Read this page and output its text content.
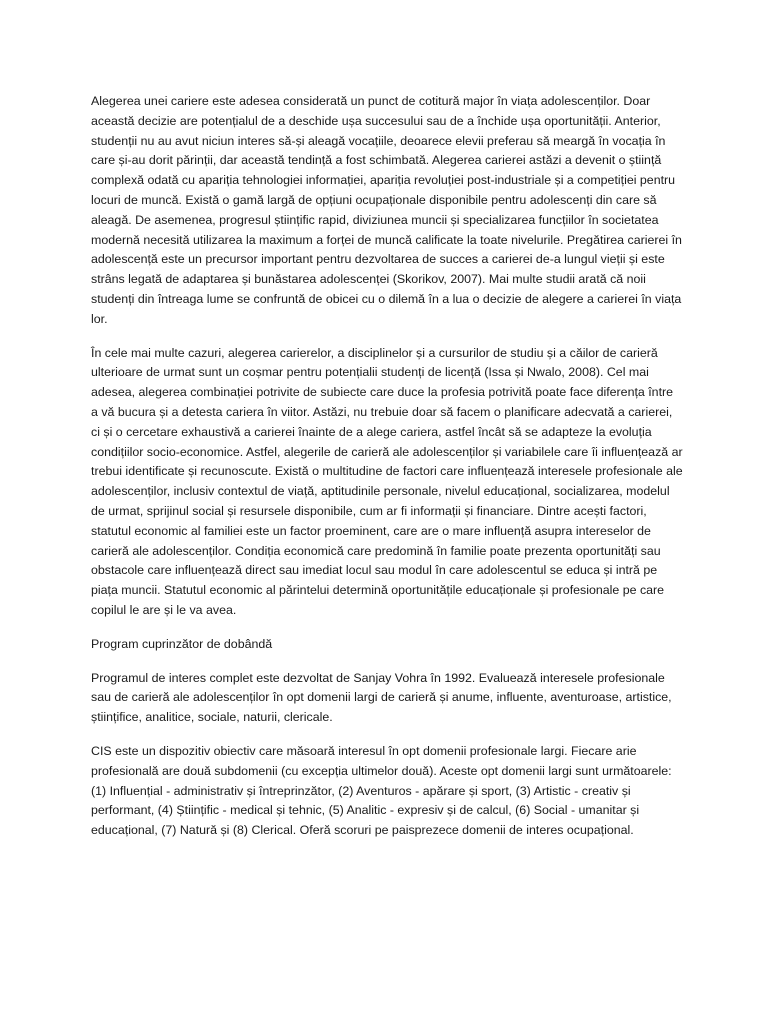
Alegerea unei cariere este adesea considerată un punct de cotitură major în viața adolescenților. Doar această decizie are potențialul de a deschide ușa succesului sau de a închide ușa oportunității. Anterior, studenții nu au avut niciun interes să-și aleagă vocațiile, deoarece elevii preferau să meargă în vocația în care și-au dorit părinții, dar această tendință a fost schimbată. Alegerea carierei astăzi a devenit o știință complexă odată cu apariția tehnologiei informației, apariția revoluției post-industriale și a competiției pentru locuri de muncă. Există o gamă largă de opțiuni ocupaționale disponibile pentru adolescenți din care să aleagă. De asemenea, progresul științific rapid, diviziunea muncii și specializarea funcțiilor în societatea modernă necesită utilizarea la maximum a forței de muncă calificate la toate nivelurile. Pregătirea carierei în adolescență este un precursor important pentru dezvoltarea de succes a carierei de-a lungul vieții și este strâns legată de adaptarea și bunăstarea adolescenței (Skorikov, 2007). Mai multe studii arată că noii studenți din întreaga lume se confruntă de obicei cu o dilemă în a lua o decizie de alegere a carierei în viața lor.

În cele mai multe cazuri, alegerea carierelor, a disciplinelor și a cursurilor de studiu și a căilor de carieră ulterioare de urmat sunt un coșmar pentru potențialii studenți de licență (Issa și Nwalo, 2008). Cel mai adesea, alegerea combinației potrivite de subiecte care duce la profesia potrivită poate face diferența între a vă bucura și a detesta cariera în viitor. Astăzi, nu trebuie doar să facem o planificare adecvată a carierei, ci și o cercetare exhaustivă a carierei înainte de a alege cariera, astfel încât să se adapteze la evoluția condițiilor socio-economice. Astfel, alegerile de carieră ale adolescenților și variabilele care îi influențează ar trebui identificate și recunoscute. Există o multitudine de factori care influențează interesele profesionale ale adolescenților, inclusiv contextul de viață, aptitudinile personale, nivelul educațional, socializarea, modelul de urmat, sprijinul social și resursele disponibile, cum ar fi informații și financiare. Dintre acești factori, statutul economic al familiei este un factor proeminent, care are o mare influență asupra intereselor de carieră ale adolescenților. Condiția economică care predomină în familie poate prezenta oportunități sau obstacole care influențează direct sau imediat locul sau modul în care adolescentul se educa și intră pe piața muncii. Statutul economic al părintelui determină oportunitățile educaționale și profesionale pe care copilul le are și le va avea.

Program cuprinzător de dobândă

Programul de interes complet este dezvoltat de Sanjay Vohra în 1992. Evaluează interesele profesionale sau de carieră ale adolescenților în opt domenii largi de carieră și anume, influente, aventuroase, artistice, științifice, analitice, sociale, naturii, clericale.

CIS este un dispozitiv obiectiv care măsoară interesul în opt domenii profesionale largi. Fiecare arie profesională are două subdomenii (cu excepția ultimelor două). Aceste opt domenii largi sunt următoarele: (1) Influențial - administrativ și întreprinzător, (2) Aventuros - apărare și sport, (3) Artistic - creativ și performant, (4) Științific - medical și tehnic, (5) Analitic - expresiv și de calcul, (6) Social - umanitar și educațional, (7) Natură și (8) Clerical. Oferă scoruri pe paisprezece domenii de interes ocupațional.
